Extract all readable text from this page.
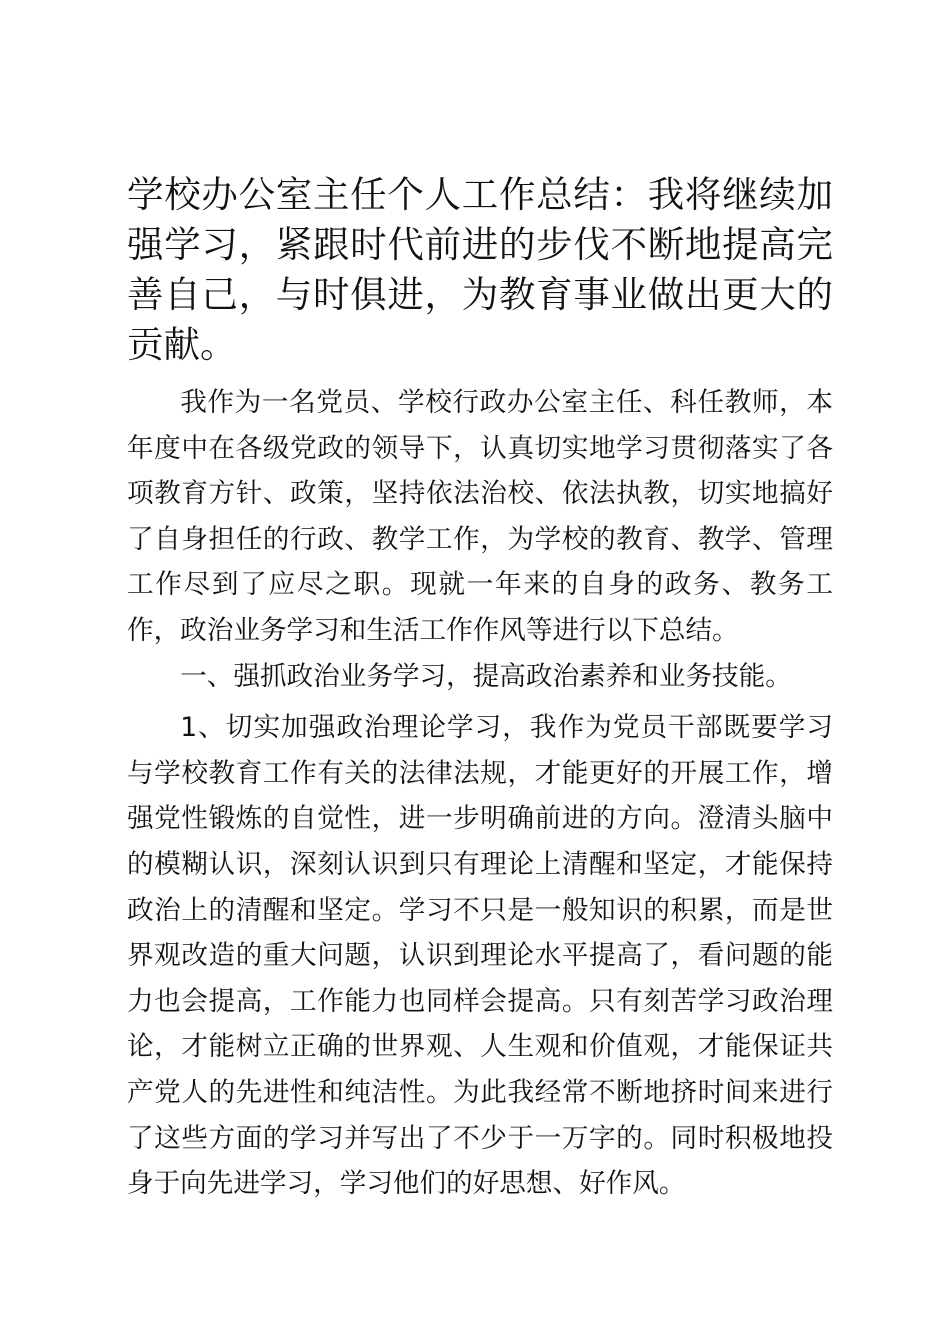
学校办公室主任个人工作总结：我将继续加强学习，紧跟时代前进的步伐不断地提高完善自己，与时俱进，为教育事业做出更大的贡献。

我作为一名党员、学校行政办公室主任、科任教师，本年度中在各级党政的领导下，认真切实地学习贯彻落实了各项教育方针、政策，坚持依法治校、依法执教，切实地搞好了自身担任的行政、教学工作，为学校的教育、教学、管理工作尽到了应尽之职。现就一年来的自身的政务、教务工作，政治业务学习和生活工作作风等进行以下总结。

一、强抓政治业务学习，提高政治素养和业务技能。

1、切实加强政治理论学习，我作为党员干部既要学习与学校教育工作有关的法律法规，才能更好的开展工作，增强党性锻炼的自觉性，进一步明确前进的方向。澄清头脑中的模糊认识，深刻认识到只有理论上清醒和坚定，才能保持政治上的清醒和坚定。学习不只是一般知识的积累，而是世界观改造的重大问题，认识到理论水平提高了，看问题的能力也会提高，工作能力也同样会提高。只有刻苦学习政治理论，才能树立正确的世界观、人生观和价值观，才能保证共产党人的先进性和纯洁性。为此我经常不断地挤时间来进行了这些方面的学习并写出了不少于一万字的。同时积极地投身于向先进学习，学习他们的好思想、好作风。
